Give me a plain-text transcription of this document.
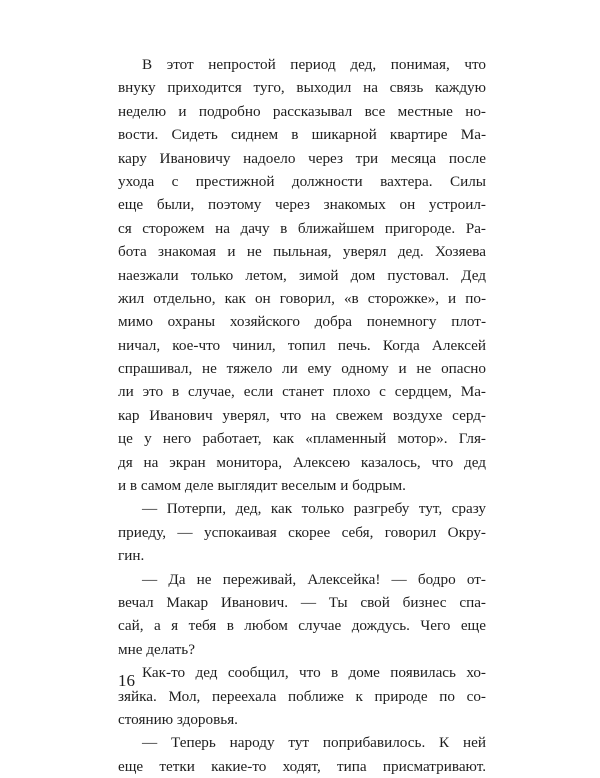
В этот непростой период дед, понимая, что
внуку приходится туго, выходил на связь каждую
неделю и подробно рассказывал все местные но-
вости. Сидеть сиднем в шикарной квартире Ма-
кару Ивановичу надоело через три месяца после
ухода с престижной должности вахтера. Силы
еще были, поэтому через знакомых он устроил-
ся сторожем на дачу в ближайшем пригороде. Ра-
бота знакомая и не пыльная, уверял дед. Хозяева
наезжали только летом, зимой дом пустовал. Дед
жил отдельно, как он говорил, «в сторожке», и по-
мимо охраны хозяйского добра понемногу плот-
ничал, кое-что чинил, топил печь. Когда Алексей
спрашивал, не тяжело ли ему одному и не опасно
ли это в случае, если станет плохо с сердцем, Ма-
кар Иванович уверял, что на свежем воздухе серд-
це у него работает, как «пламенный мотор». Гля-
дя на экран монитора, Алексею казалось, что дед
и в самом деле выглядит веселым и бодрым.
— Потерпи, дед, как только разгребу тут, сразу
приеду, — успокаивая скорее себя, говорил Окру-
гин.
— Да не переживай, Алексейка! — бодро от-
вечал Макар Иванович. — Ты свой бизнес спа-
сай, а я тебя в любом случае дождусь. Чего еще
мне делать?
Как-то дед сообщил, что в доме появилась хо-
зяйка. Мол, переехала поближе к природе по со-
стоянию здоровья.
— Теперь народу тут поприбавилось. К ней
еще тетки какие-то ходят, типа присматривают.
16
